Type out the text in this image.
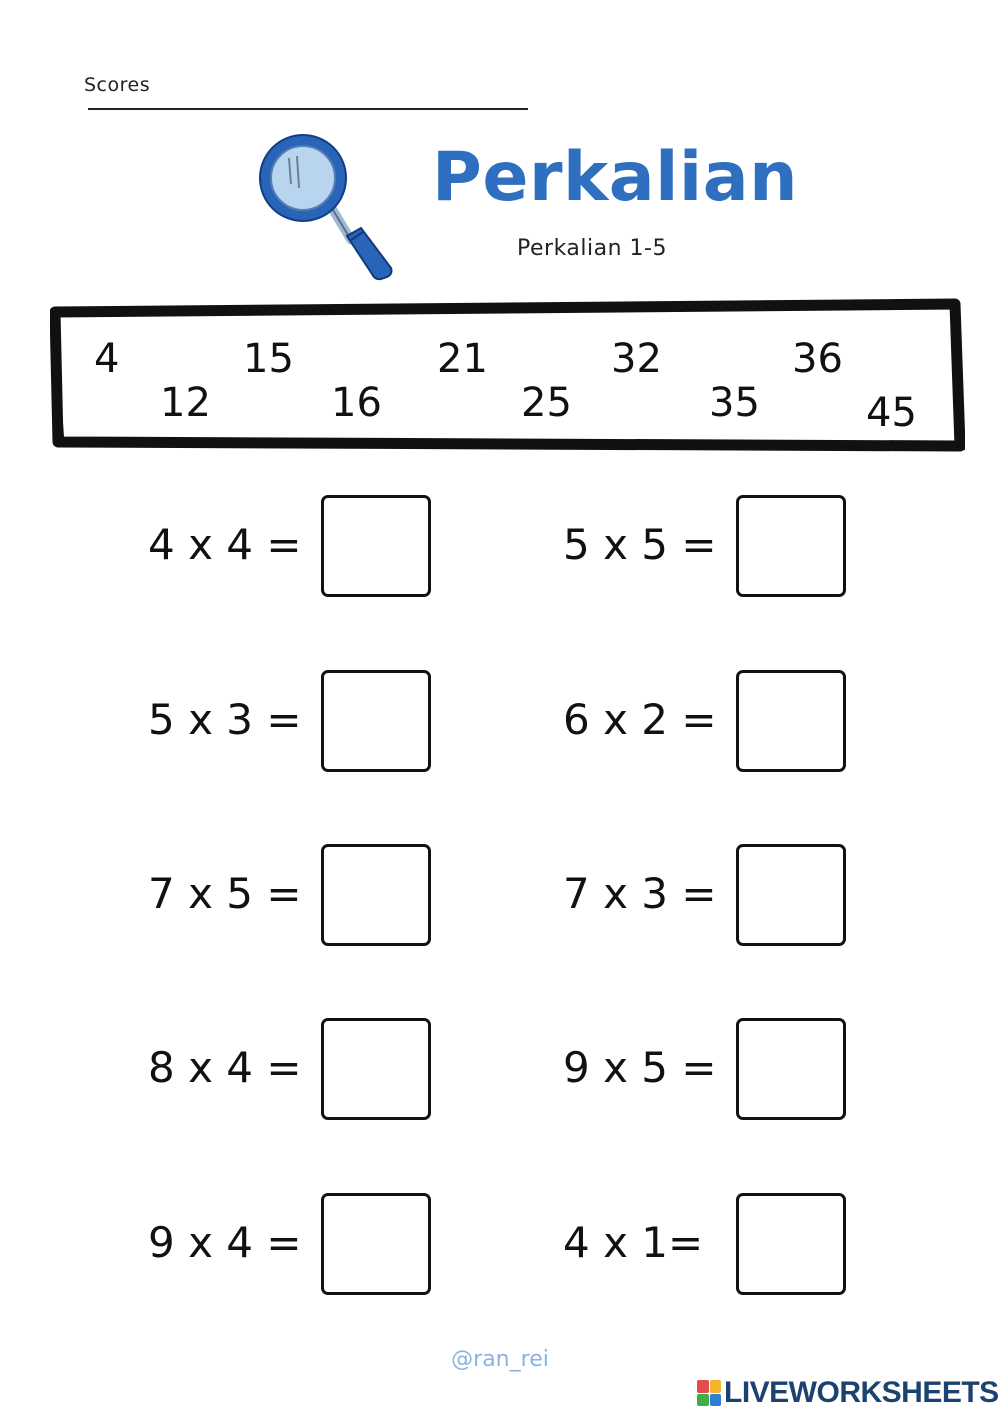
Scores
Perkalian
Perkalian 1-5
4
12
15
16
21
25
32
35
36
45
4 x 4 =	5 x 5 =
5 x 3 =	6 x 2 =
7 x 5 =	7 x 3 =
8 x 4 =	9 x 5 =
9 x 4 =	4 x 1=
@ran_rei
LIVEWORKSHEETS
